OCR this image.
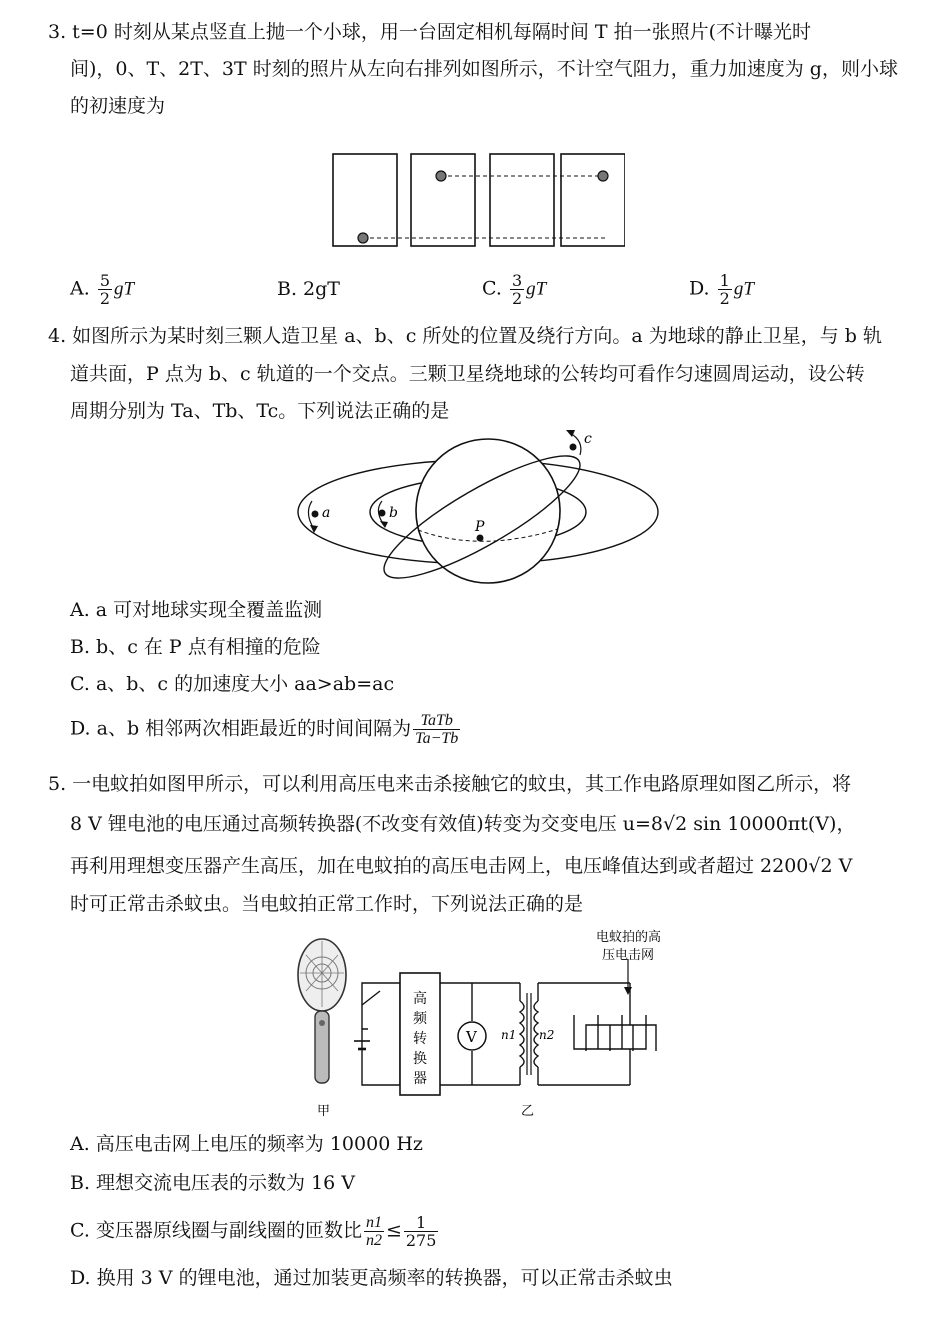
3. t=0 时刻从某点竖直上抛一个小球，用一台固定相机每隔时间 T 拍一张照片(不计曝光时
间)，0、T、2T、3T 时刻的照片从左向右排列如图所示，不计空气阻力，重力加速度为 g，则小球
的初速度为
A. $\frac{5}{2}$ gT	B. 2gT	C. $\frac{3}{2}$ gT	D. $\frac{1}{2}$ gT
4. 如图所示为某时刻三颗人造卫星 a、b、c 所处的位置及绕行方向。a 为地球的静止卫星，与 b 轨
道共面，P 点为 b、c 轨道的一个交点。三颗卫星绕地球的公转均可看作匀速圆周运动，设公转
周期分别为 Ta、Tb、Tc。下列说法正确的是
a	b
c
P
A. a 可对地球实现全覆盖监测
B. b、c 在 P 点有相撞的危险
C. a、b、c 的加速度大小 aa>ab=ac
D. a、b 相邻两次相距最近的时间间隔为 $\frac{\text{TaTb}}{Ta-Tb}$
5. 一电蚊拍如图甲所示，可以利用高压电来击杀接触它的蚊虫，其工作电路原理如图乙所示，将
8 V 锂电池的电压通过高频转换器(不改变有效值)转变为交变电压 u=8√2 sin 10000πt(V)，
再利用理想变压器产生高压，加在电蚊拍的高压电击网上，电压峰值达到或者超过 2200√2 V
时可正常击杀蚊虫。当电蚊拍正常工作时，下列说法正确的是
甲
高
频
转
换
器
V n1 n2
电蚊拍的高
压电击网
乙
A. 高压电击网上电压的频率为 10000 Hz
B. 理想交流电压表的示数为 16 V
C. 变压器原线圈与副线圈的匝数比 $\frac{n1}{n2} \le \frac{1}{275}$
D. 换用 3 V 的锂电池，通过加装更高频率的转换器，可以正常击杀蚊虫
